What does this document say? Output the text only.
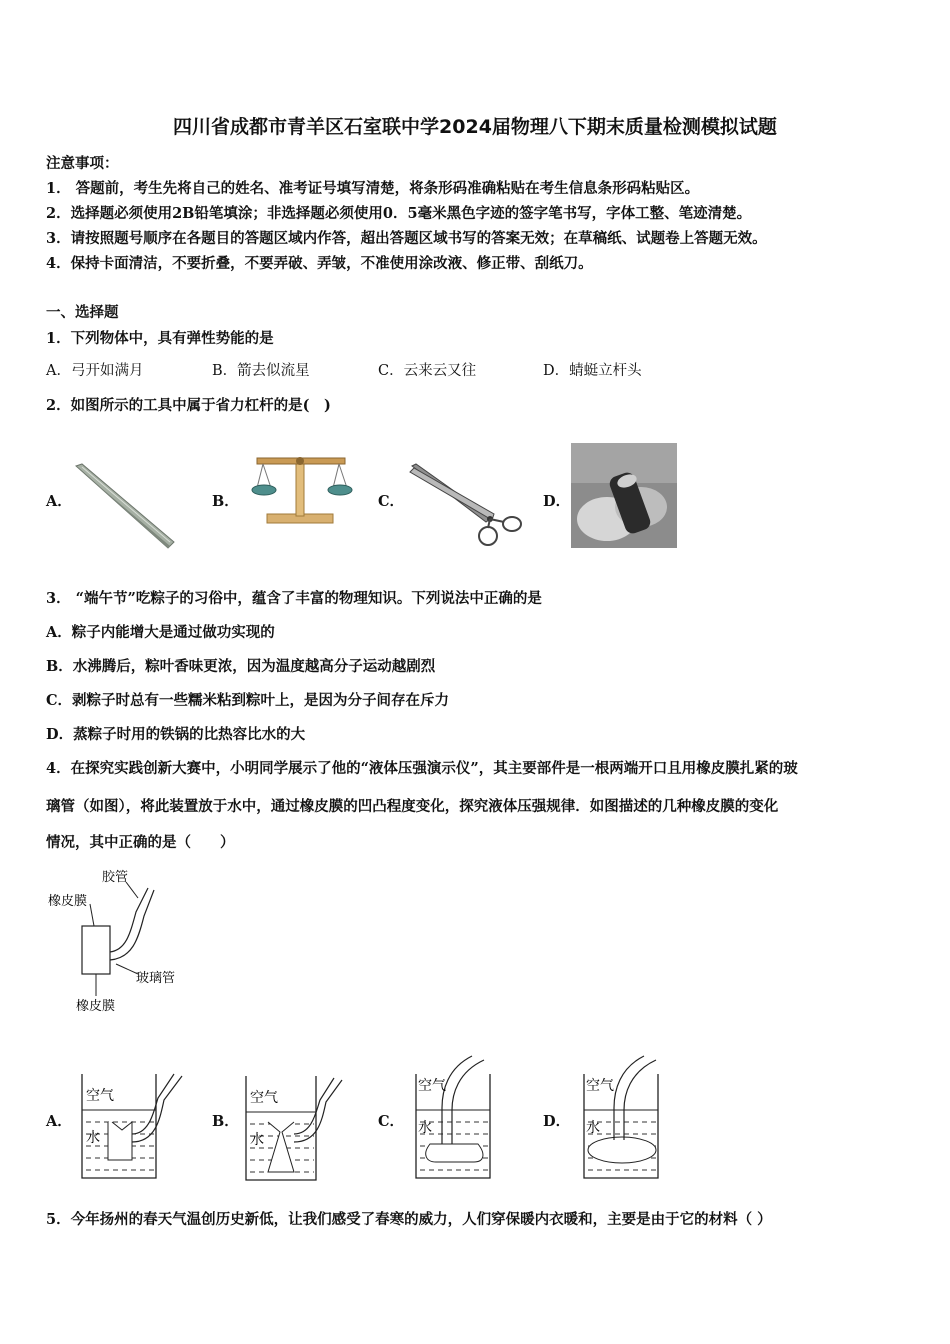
四川省成都市青羊区石室联中学2024届物理八下期末质量检测模拟试题
注意事项：
1． 答题前，考生先将自己的姓名、准考证号填写清楚，将条形码准确粘贴在考生信息条形码粘贴区。
2．选择题必须使用2B铅笔填涂；非选择题必须使用0．5毫米黑色字迹的签字笔书写，字体工整、笔迹清楚。
3．请按照题号顺序在各题目的答题区域内作答，超出答题区域书写的答案无效；在草稿纸、试题卷上答题无效。
4．保持卡面清洁，不要折叠，不要弄破、弄皱，不准使用涂改液、修正带、刮纸刀。
一、选择题
1．下列物体中，具有弹性势能的是
A．弓开如满月	B．箭去似流星	C．云来云又往	D．蜻蜓立杆头
2．如图所示的工具中属于省力杠杆的是(　)
A．	B．	C．	D．
3． “端午节”吃粽子的习俗中，蕴含了丰富的物理知识。下列说法中正确的是
A．粽子内能增大是通过做功实现的
B．水沸腾后，粽叶香味更浓，因为温度越高分子运动越剧烈
C．剥粽子时总有一些糯米粘到粽叶上，是因为分子间存在斥力
D．蒸粽子时用的铁锅的比热容比水的大
4．在探究实践创新大赛中，小明同学展示了他的“液体压强演示仪”，其主要部件是一根两端开口且用橡皮膜扎紧的玻
璃管（如图），将此装置放于水中，通过橡皮膜的凹凸程度变化，探究液体压强规律．如图描述的几种橡皮膜的变化
情况，其中正确的是（　　）
胶管
橡皮膜
玻璃管
橡皮膜
A．	B．	C．	D．
空气
水
空气
水
空气
水
空气
水
5．今年扬州的春天气温创历史新低，让我们感受了春寒的威力，人们穿保暖内衣暖和，主要是由于它的材料（ ）
